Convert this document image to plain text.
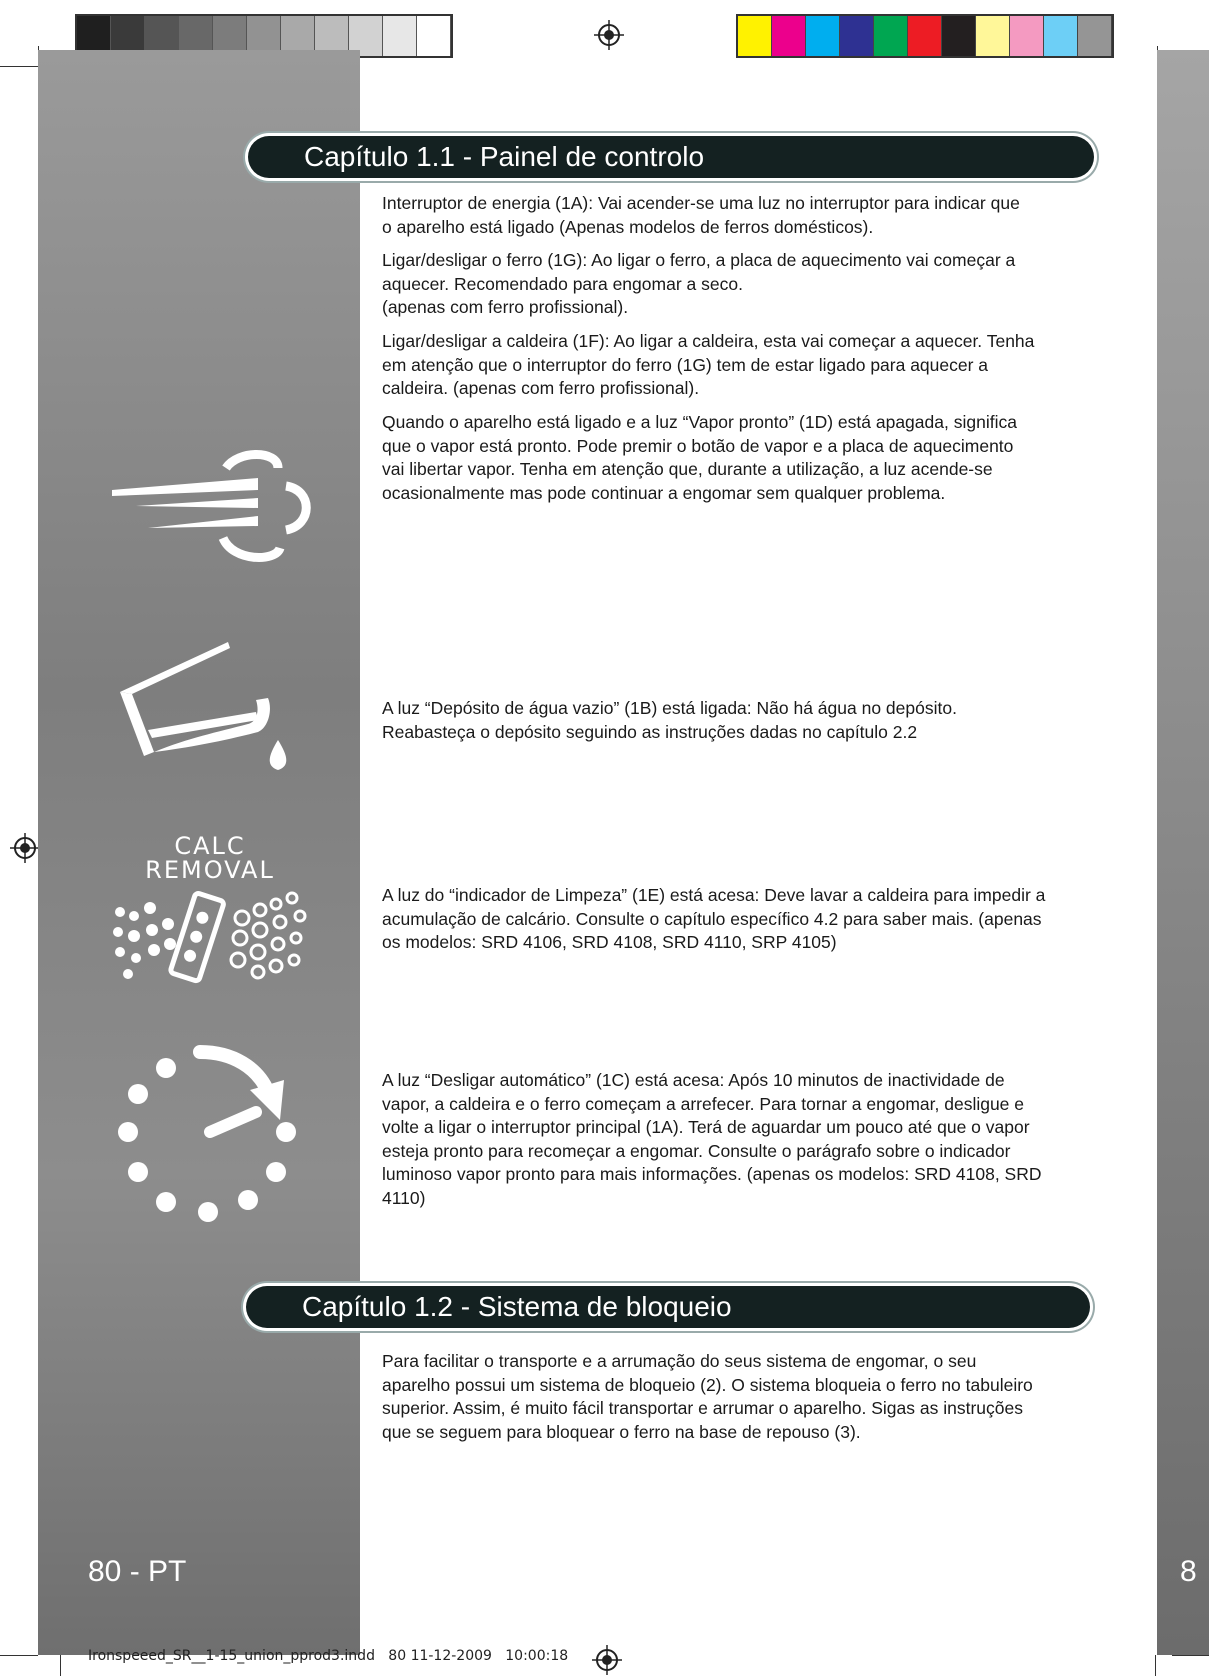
Capítulo 1.1 - Painel de controlo

Interruptor de energia (1A): Vai acender-se uma luz no interruptor para indicar que
o aparelho está ligado (Apenas modelos de ferros domésticos).

Ligar/desligar o ferro (1G): Ao ligar o ferro, a placa de aquecimento vai começar a
aquecer. Recomendado para engomar a seco.
(apenas com ferro profissional).

Ligar/desligar a caldeira (1F): Ao ligar a caldeira, esta vai começar a aquecer. Tenha
em atenção que o interruptor do ferro (1G) tem de estar ligado para aquecer a
caldeira. (apenas com ferro profissional).

Quando o aparelho está ligado e a luz “Vapor pronto” (1D) está apagada, significa
que o vapor está pronto. Pode premir o botão de vapor e a placa de aquecimento
vai libertar vapor. Tenha em atenção que, durante a utilização, a luz acende-se
ocasionalmente mas pode continuar a engomar sem qualquer problema.

A luz “Depósito de água vazio” (1B) está ligada: Não há água no depósito.
Reabasteça o depósito seguindo as instruções dadas no capítulo 2.2

A luz do “indicador de Limpeza” (1E) está acesa: Deve lavar a caldeira para impedir a
acumulação de calcário. Consulte o capítulo específico 4.2 para saber mais. (apenas
os modelos: SRD 4106, SRD 4108, SRD 4110, SRP 4105)

A luz “Desligar automático” (1C) está acesa: Após 10 minutos de inactividade de
vapor, a caldeira e o ferro começam a arrefecer. Para tornar a engomar, desligue e
volte a ligar o interruptor principal (1A). Terá de aguardar um pouco até que o vapor
esteja pronto para recomeçar a engomar. Consulte o parágrafo sobre o indicador
luminoso vapor pronto para mais informações. (apenas os modelos: SRD 4108, SRD
4110)

Capítulo 1.2 - Sistema de bloqueio

Para facilitar o transporte e a arrumação do seus sistema de engomar, o seu
aparelho possui um sistema de bloqueio (2). O sistema bloqueia o ferro no tabuleiro
superior. Assim, é muito fácil transportar e arrumar o aparelho. Sigas as instruções
que se seguem para bloquear o ferro na base de repouso (3).

CALC
REMOVAL
80 - PT	8
Ironspeeed_SR__1-15_union_pprod3.indd   80 11-12-2009   10:00:18
